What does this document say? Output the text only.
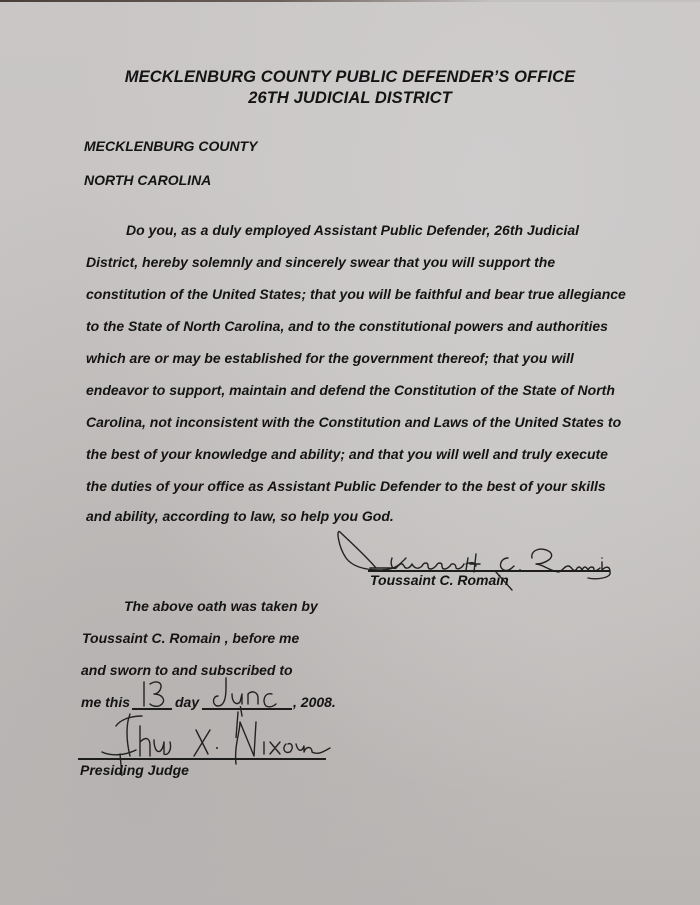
MECKLENBURG COUNTY PUBLIC DEFENDER’S OFFICE
26TH JUDICIAL DISTRICT
MECKLENBURG COUNTY
NORTH CAROLINA
Do you, as a duly employed Assistant Public Defender, 26th Judicial
District, hereby solemnly and sincerely swear that you will support the
constitution of the United States; that you will be faithful and bear true allegiance
to the State of North Carolina, and to the constitutional powers and authorities
which are or may be established for the government thereof; that you will
endeavor to support, maintain and defend the Constitution of the State of North
Carolina, not inconsistent with the Constitution and Laws of the United States to
the best of your knowledge and ability; and that you will well and truly execute
the duties of your office as Assistant Public Defender to the best of your skills
and ability, according to law, so help you God.
Toussaint C. Romain
The above oath was taken by
Toussaint C. Romain , before me
and sworn to and subscribed to
me this	day	, 2008.
Presiding Judge
